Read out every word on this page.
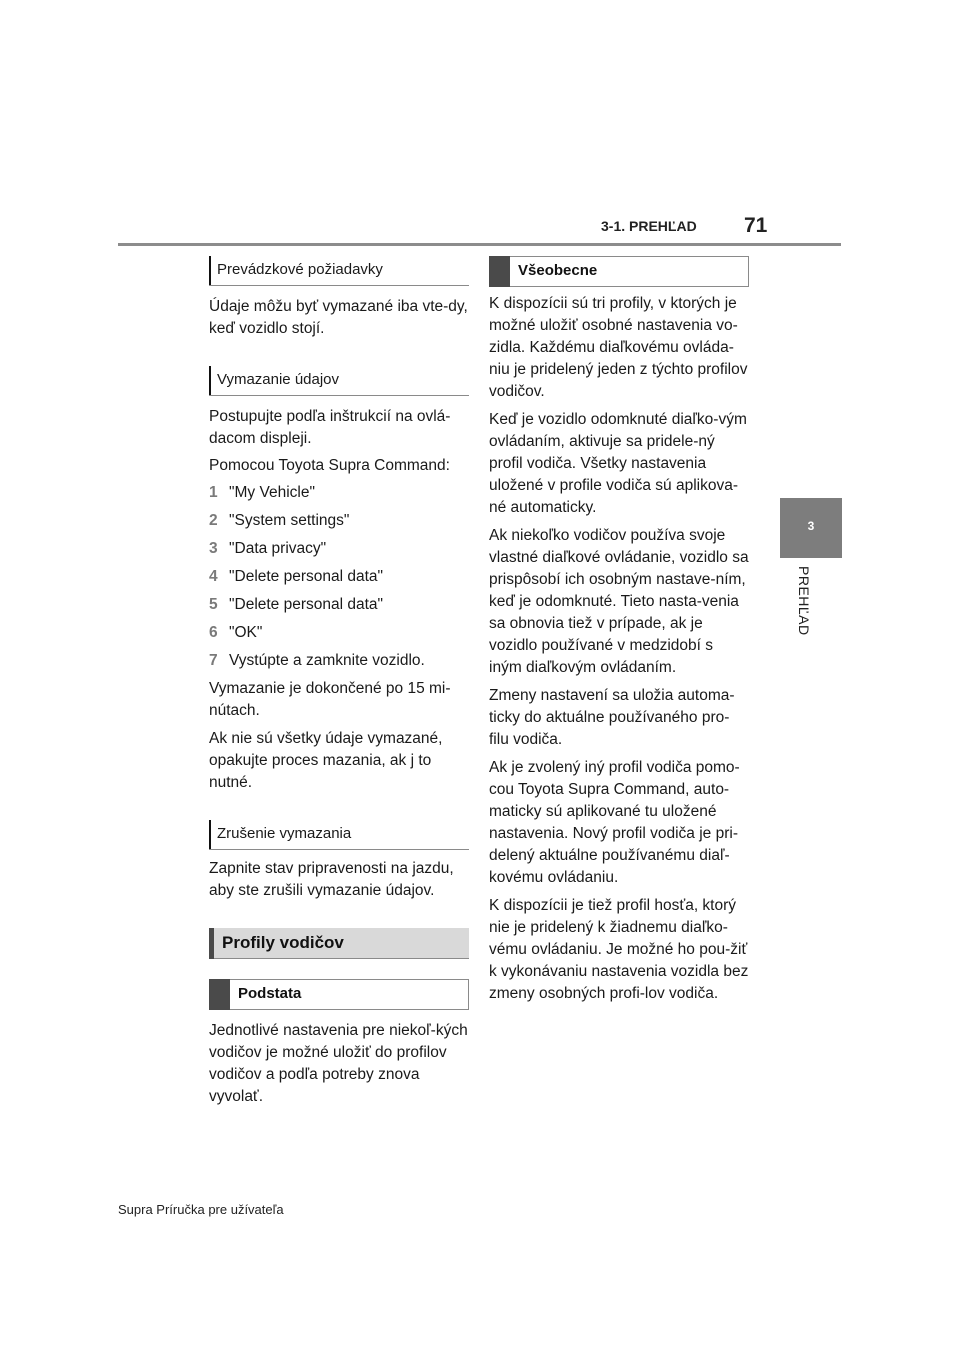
3-1. PREHĽAD 71
3
PREHĽAD
Prevádzkové požiadavky

Údaje môžu byť vymazané iba vte-dy, keď vozidlo stojí.

Vymazanie údajov

Postupujte podľa inštrukcií na ovlá-dacom displeji.

Pomocou Toyota Supra Command:

1 "My Vehicle"
2 "System settings"
3 "Data privacy"
4 "Delete personal data"
5 "Delete personal data"
6 "OK"
7 Vystúpte a zamknite vozidlo.

Vymazanie je dokončené po 15 mi-nútach.

Ak nie sú všetky údaje vymazané, opakujte proces mazania, ak j to nutné.

Zrušenie vymazania

Zapnite stav pripravenosti na jazdu, aby ste zrušili vymazanie údajov.

Profily vodičov
Podstata

Jednotlivé nastavenia pre niekoľ-kých vodičov je možné uložiť do profilov vodičov a podľa potreby znova vyvolať.

Všeobecne

K dispozícii sú tri profily, v ktorých je možné uložiť osobné nastavenia vo-zidla. Každému diaľkovému ovláda-niu je pridelený jeden z týchto profilov vodičov.

Keď je vozidlo odomknuté diaľko-vým ovládaním, aktivuje sa pridele-ný profil vodiča. Všetky nastavenia uložené v profile vodiča sú aplikova-né automaticky.

Ak niekoľko vodičov používa svoje vlastné diaľkové ovládanie, vozidlo sa prispôsobí ich osobným nastave-ním, keď je odomknuté. Tieto nasta-venia sa obnovia tiež v prípade, ak je vozidlo používané v medzidobí s iným diaľkovým ovládaním.

Zmeny nastavení sa uložia automa-ticky do aktuálne používaného pro-filu vodiča.

Ak je zvolený iný profil vodiča pomo-cou Toyota Supra Command, auto-maticky sú aplikované tu uložené nastavenia. Nový profil vodiča je pri-delený aktuálne používanému diaľ-kovému ovládaniu.

K dispozícii je tiež profil hosťa, ktorý nie je pridelený k žiadnemu diaľko-vému ovládaniu. Je možné ho pou-žiť k vykonávaniu nastavenia vozidla bez zmeny osobných profi-lov vodiča.

Supra Príručka pre užívateľa
